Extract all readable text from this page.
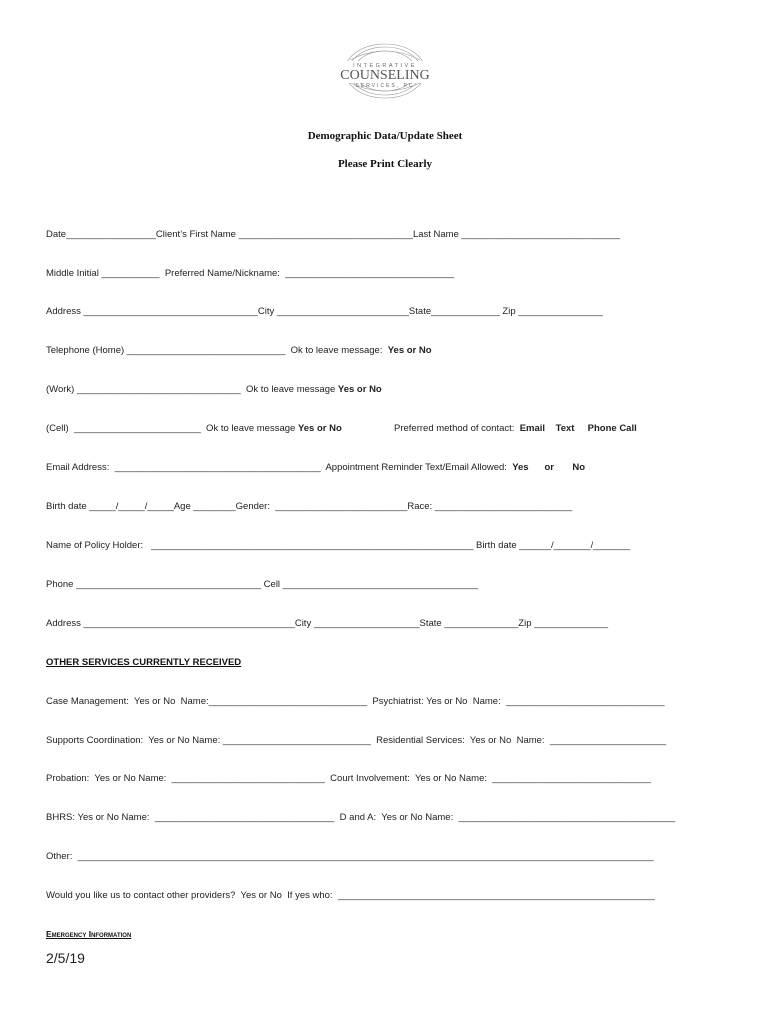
INTEGRATIVE
COUNSELING
SERVICES, PC
Demographic Data/Update Sheet
Please Print Clearly
Date_________________Client’s First Name _________________________________Last Name ______________________________
Middle Initial ___________  Preferred Name/Nickname:  ________________________________
Address _________________________________City _________________________State_____________ Zip ________________
Telephone (Home) ______________________________  Ok to leave message:  Yes or No
(Work) _______________________________  Ok to leave message Yes or No
(Cell)  ________________________  Ok to leave message Yes or No	Preferred method of contact:  Email Text Phone Call
Email Address:  _______________________________________  Appointment Reminder Text/Email Allowed:  Yes or No
Birth date _____/_____/_____Age ________Gender:  _________________________Race: __________________________
Name of Policy Holder:   _____________________________________________________________ Birth date ______/_______/_______
Phone ___________________________________ Cell _____________________________________
Address ________________________________________City ____________________State ______________Zip ______________
OTHER SERVICES CURRENTLY RECEIVED
Case Management:  Yes or No  Name:______________________________  Psychiatrist: Yes or No  Name:  ______________________________
Supports Coordination:  Yes or No Name: ____________________________  Residential Services:  Yes or No  Name:  ______________________
Probation:  Yes or No Name:  _____________________________  Court Involvement:  Yes or No Name:  ______________________________
BHRS: Yes or No Name:  __________________________________  D and A:  Yes or No Name:  _________________________________________
Other:  _____________________________________________________________________________________________________________
Would you like us to contact other providers?  Yes or No  If yes who:  ____________________________________________________________
Emergency Information
2/5/19
